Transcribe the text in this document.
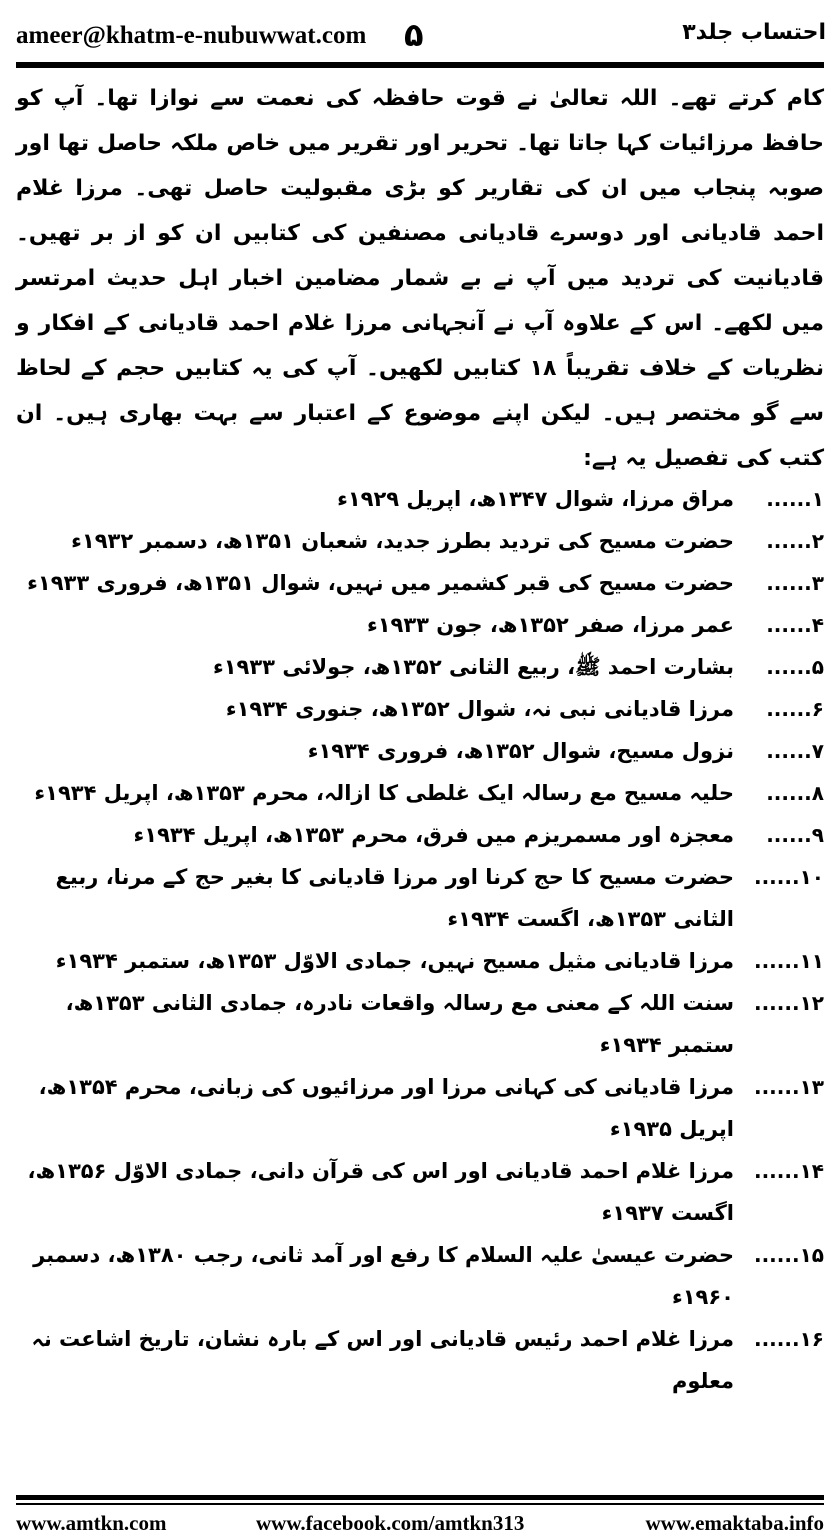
ameer@khatm-e-nubuwwat.com ۵	احتساب جلد۳
کام کرتے تھے۔ اللہ تعالیٰ نے قوت حافظہ کی نعمت سے نوازا تھا۔ آپ کو حافظ مرزائیات کہا جاتا تھا۔ تحریر اور تقریر میں خاص ملکہ حاصل تھا اور صوبہ پنجاب میں ان کی تقاریر کو بڑی مقبولیت حاصل تھی۔ مرزا غلام احمد قادیانی اور دوسرے قادیانی مصنفین کی کتابیں ان کو از بر تھیں۔ قادیانیت کی تردید میں آپ نے بے شمار مضامین اخبار اہل حدیث امرتسر میں لکھے۔ اس کے علاوہ آپ نے آنجہانی مرزا غلام احمد قادیانی کے افکار و نظریات کے خلاف تقریباً ۱۸ کتابیں لکھیں۔ آپ کی یہ کتابیں حجم کے لحاظ سے گو مختصر ہیں۔ لیکن اپنے موضوع کے اعتبار سے بہت بھاری ہیں۔ ان کتب کی تفصیل یہ ہے:
......۱
مراق مرزا، شوال ۱۳۴۷ھ، اپریل ۱۹۲۹ء
......۲
حضرت مسیح کی تردید بطرز جدید، شعبان ۱۳۵۱ھ، دسمبر ۱۹۳۲ء
......۳
حضرت مسیح کی قبر کشمیر میں نہیں، شوال ۱۳۵۱ھ، فروری ۱۹۳۳ء
......۴
عمر مرزا، صفر ۱۳۵۲ھ، جون ۱۹۳۳ء
......۵
بشارت احمد ﷺ، ربیع الثانی ۱۳۵۲ھ، جولائی ۱۹۳۳ء
......۶
مرزا قادیانی نبی نہ، شوال ۱۳۵۲ھ، جنوری ۱۹۳۴ء
......۷
نزول مسیح، شوال ۱۳۵۲ھ، فروری ۱۹۳۴ء
......۸
حلیہ مسیح مع رسالہ ایک غلطی کا ازالہ، محرم ۱۳۵۳ھ، اپریل ۱۹۳۴ء
......۹
معجزہ اور مسمریزم میں فرق، محرم ۱۳۵۳ھ، اپریل ۱۹۳۴ء
......۱۰
حضرت مسیح کا حج کرنا اور مرزا قادیانی کا بغیر حج کے مرنا، ربیع الثانی ۱۳۵۳ھ، اگست ۱۹۳۴ء
......۱۱
مرزا قادیانی مثیل مسیح نہیں، جمادی الاوّل ۱۳۵۳ھ، ستمبر ۱۹۳۴ء
......۱۲
سنت اللہ کے معنی مع رسالہ واقعات نادرہ، جمادی الثانی ۱۳۵۳ھ، ستمبر ۱۹۳۴ء
......۱۳
مرزا قادیانی کی کہانی مرزا اور مرزائیوں کی زبانی، محرم ۱۳۵۴ھ، اپریل ۱۹۳۵ء
......۱۴
مرزا غلام احمد قادیانی اور اس کی قرآن دانی، جمادی الاوّل ۱۳۵۶ھ، اگست ۱۹۳۷ء
......۱۵
حضرت عیسیٰ علیہ السلام کا رفع اور آمد ثانی، رجب ۱۳۸۰ھ، دسمبر ۱۹۶۰ء
......۱۶
مرزا غلام احمد رئیس قادیانی اور اس کے بارہ نشان، تاریخ اشاعت نہ معلوم
www.amtkn.com	www.facebook.com/amtkn313	www.emaktaba.info
